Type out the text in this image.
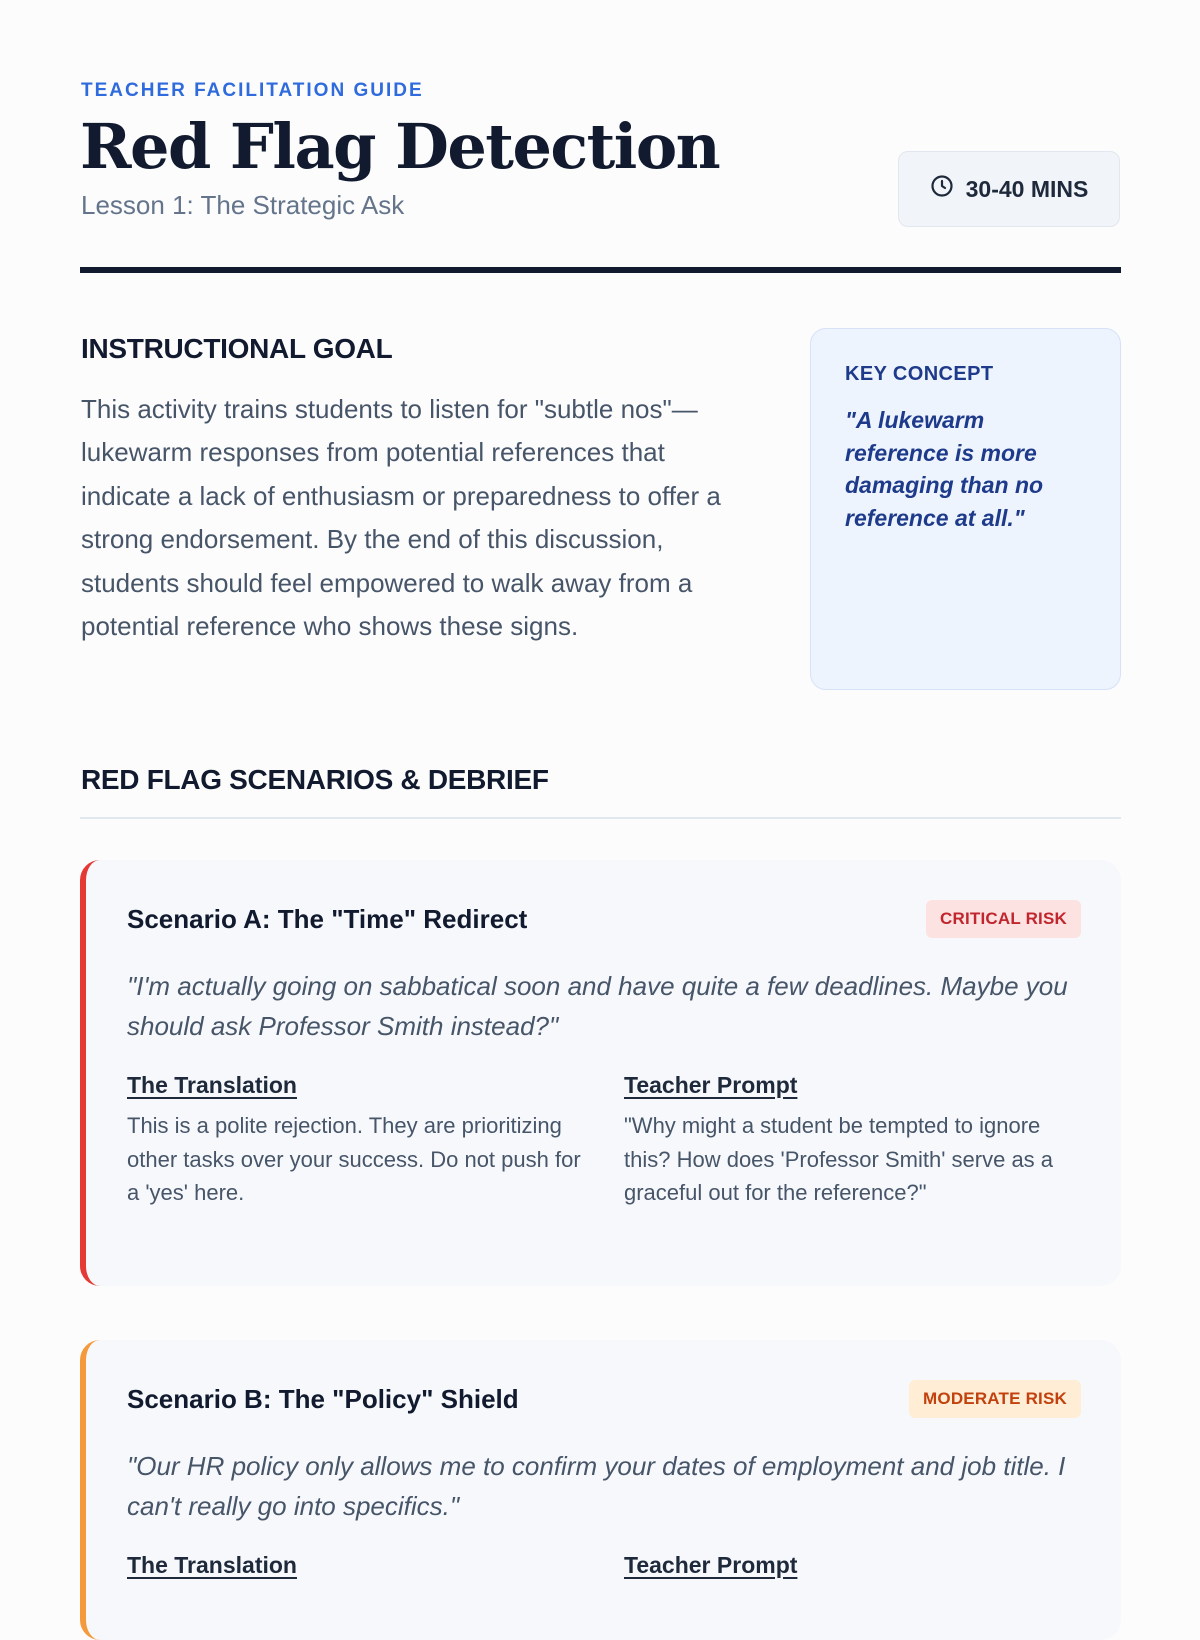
TEACHER FACILITATION GUIDE
Red Flag Detection
Lesson 1: The Strategic Ask
30-40 MINS
INSTRUCTIONAL GOAL

This activity trains students to listen for "subtle nos"—lukewarm responses from potential references that indicate a lack of enthusiasm or preparedness to offer a strong endorsement. By the end of this discussion, students should feel empowered to walk away from a potential reference who shows these signs.

KEY CONCEPT
"A lukewarm reference is more damaging than no reference at all."
RED FLAG SCENARIOS & DEBRIEF
Scenario A: The "Time" Redirect	CRITICAL RISK

"I'm actually going on sabbatical soon and have quite a few deadlines. Maybe you should ask Professor Smith instead?"

The Translation
This is a polite rejection. They are prioritizing other tasks over your success. Do not push for a 'yes' here.
Teacher Prompt
"Why might a student be tempted to ignore this? How does 'Professor Smith' serve as a graceful out for the reference?"
Scenario B: The "Policy" Shield	MODERATE RISK

"Our HR policy only allows me to confirm your dates of employment and job title. I can't really go into specifics."

The Translation	Teacher Prompt
